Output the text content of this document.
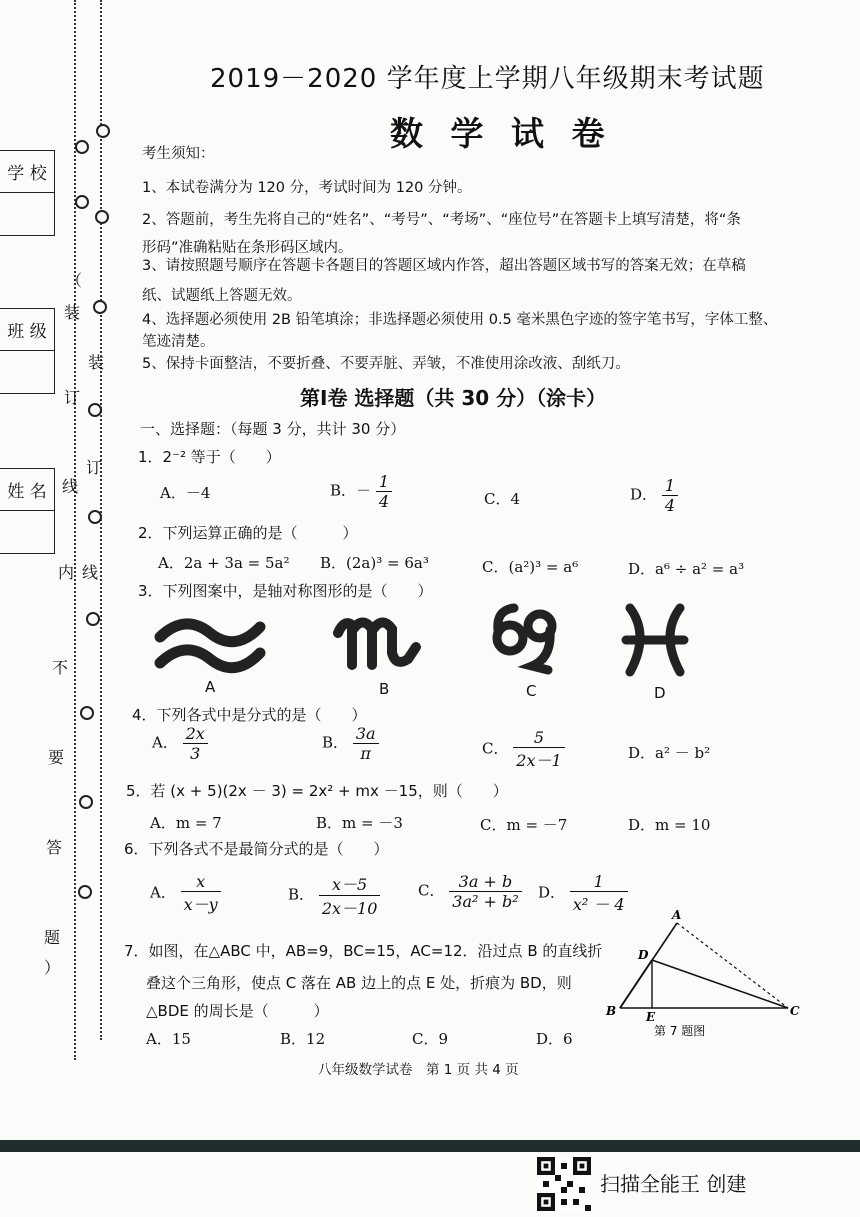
（
装
订
线
内
不
要
答
题
）
装
订
线
学 校
班 级
姓 名
2019－2020 学年度上学期八年级期末考试题
数 学 试 卷
考生须知：
1、本试卷满分为 120 分，考试时间为 120 分钟。
2、答题前，考生先将自己的“姓名”、“考号”、“考场”、“座位号”在答题卡上填写清楚，将“条
形码”准确粘贴在条形码区域内。
3、请按照题号顺序在答题卡各题目的答题区域内作答，超出答题区域书写的答案无效；在草稿
纸、试题纸上答题无效。
4、选择题必须使用 2B 铅笔填涂；非选择题必须使用 0.5 毫米黑色字迹的签字笔书写，字体工整、
笔迹清楚。
5、保持卡面整洁，不要折叠、不要弄脏、弄皱，不准使用涂改液、刮纸刀。
第Ⅰ卷 选择题（共 30 分）（涂卡）
一、选择题：（每题 3 分，共计 30 分）
1．2⁻² 等于（　　）
A．－4	B．－ $\frac{1}{4}$	C．4	D． $\frac{1}{4}$
2．下列运算正确的是（　　　）
A．2a + 3a = 5a² B．(2a)³ = 6a³	C．(a²)³ = a⁶	D．a⁶ ÷ a² = a³
3．下列图案中，是轴对称图形的是（　　）
A	B	C	D
4．下列各式中是分式的是（　　）
A． $\frac{2x}{3}$	B． $\frac{3a}{\pi}$	C． $\frac{5}{2x-1}$	D．a² － b²
5．若 (x + 5)(2x － 3) = 2x² + mx －15，则（　　）
A．m = 7	B．m = －3	C．m = －7	D．m = 10
6．下列各式不是最简分式的是（　　）
A． $\frac{x}{x-y}$	B． $\frac{x-5}{2x-10}$	C． $\frac{3a + b}{\text{3a² + b²}}$ D． $\frac{1}{\text{x² － 4}}$
7．如图，在△ABC 中，AB=9，BC=15，AC=12．沿过点 B 的直线折
叠这个三角形，使点 C 落在 AB 边上的点 E 处，折痕为 BD，则
△BDE 的周长是（　　　）
A．15	B．12	C．9	D．6
A
B	C
D
E
第 7 题图
八年级数学试卷　第 1 页 共 4 页
扫描全能王 创建
